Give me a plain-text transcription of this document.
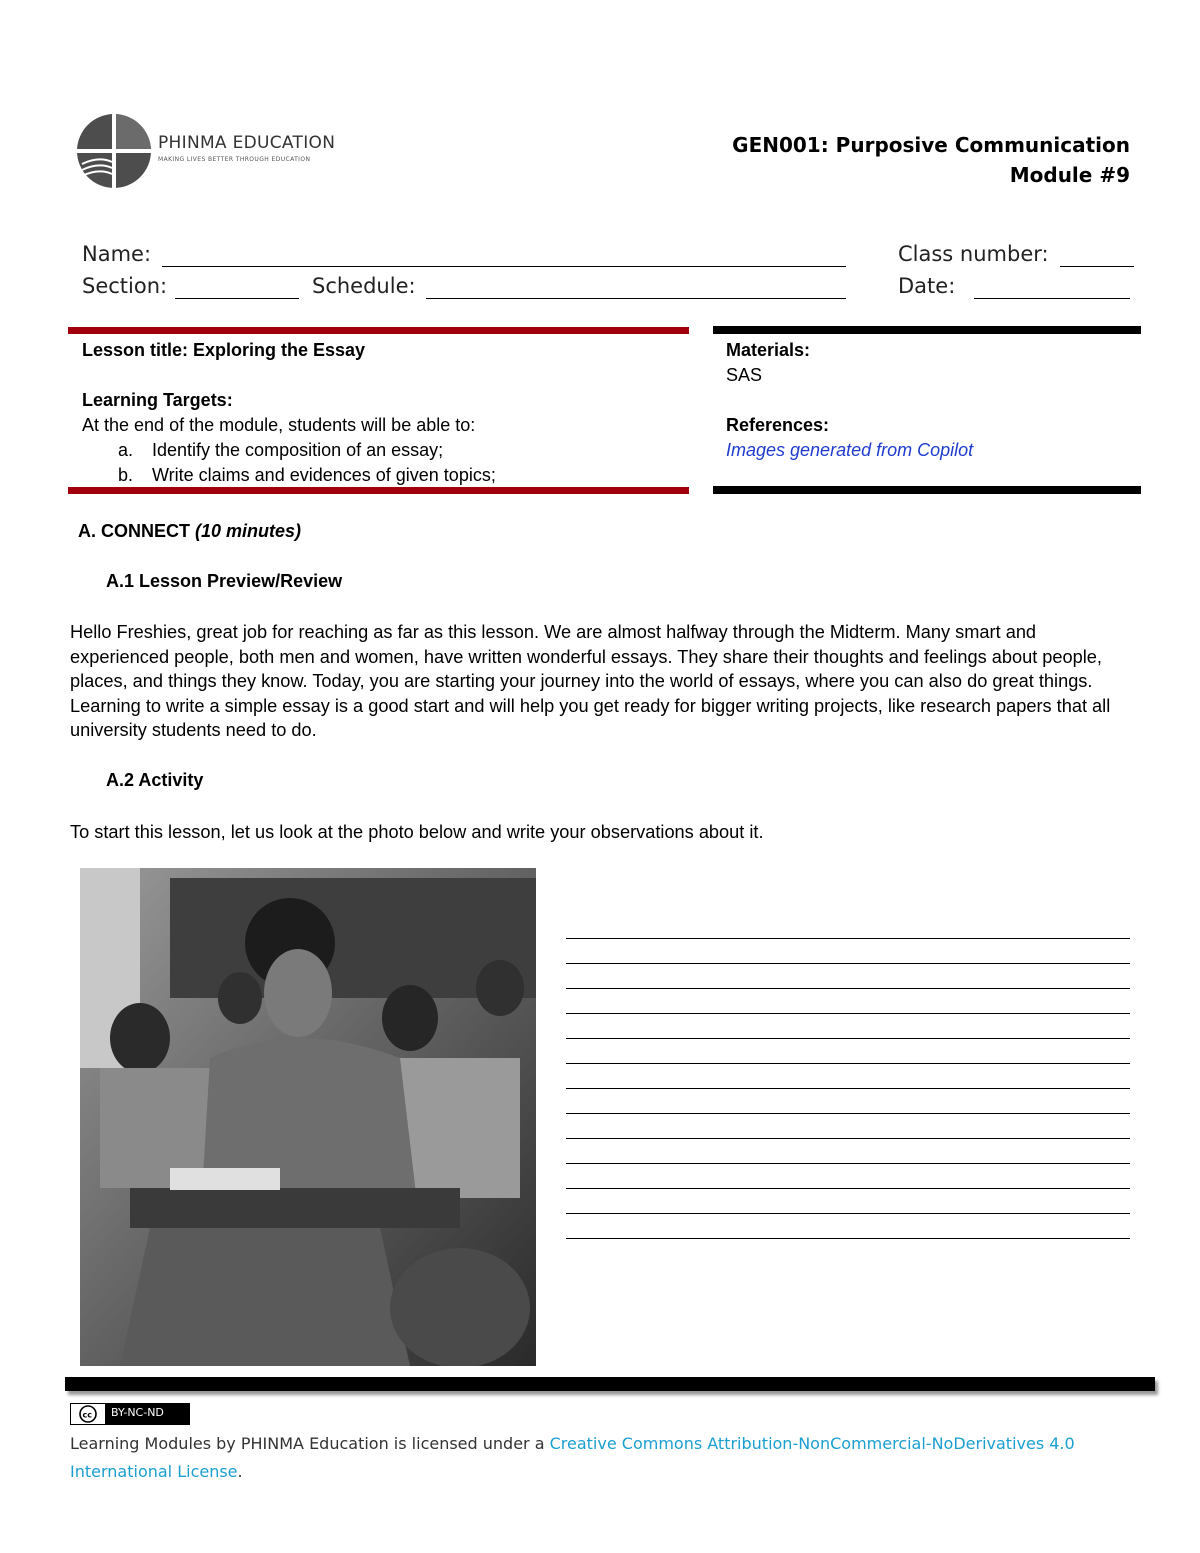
PHINMA EDUCATION
MAKING LIVES BETTER THROUGH EDUCATION
GEN001: Purposive Communication
Module #9
Name:	Class number:
Section:	Schedule:	Date:
Lesson title: Exploring the Essay
Learning Targets:
At the end of the module, students will be able to:
a. Identify the composition of an essay;
b. Write claims and evidences of given topics;
Materials:
SAS
References:
Images generated from Copilot
A. CONNECT (10 minutes)
A.1 Lesson Preview/Review
Hello Freshies, great job for reaching as far as this lesson. We are almost halfway through the Midterm. Many smart and experienced people, both men and women, have written wonderful essays. They share their thoughts and feelings about people, places, and things they know. Today, you are starting your journey into the world of essays, where you can also do great things. Learning to write a simple essay is a good start and will help you get ready for bigger writing projects, like research papers that all university students need to do.
A.2 Activity
To start this lesson, let us look at the photo below and write your observations about it.
cc BY-NC-ND
Learning Modules by PHINMA Education is licensed under a Creative Commons Attribution-NonCommercial-NoDerivatives 4.0 International License.
